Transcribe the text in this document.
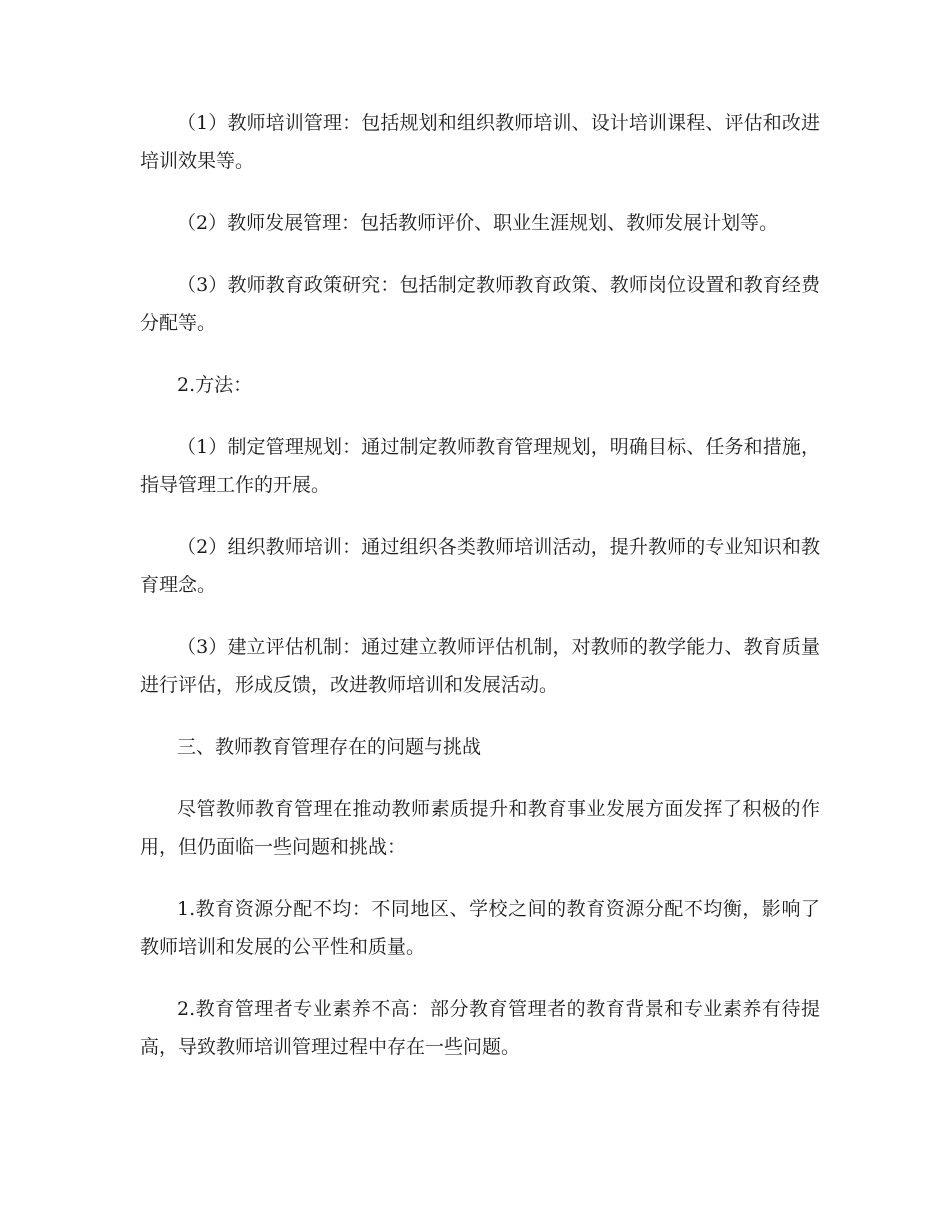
（1）教师培训管理：包括规划和组织教师培训、设计培训课程、评估和改进培训效果等。

（2）教师发展管理：包括教师评价、职业生涯规划、教师发展计划等。

（3）教师教育政策研究：包括制定教师教育政策、教师岗位设置和教育经费分配等。

2.方法：

（1）制定管理规划：通过制定教师教育管理规划，明确目标、任务和措施，指导管理工作的开展。

（2）组织教师培训：通过组织各类教师培训活动，提升教师的专业知识和教育理念。

（3）建立评估机制：通过建立教师评估机制，对教师的教学能力、教育质量进行评估，形成反馈，改进教师培训和发展活动。

三、教师教育管理存在的问题与挑战

尽管教师教育管理在推动教师素质提升和教育事业发展方面发挥了积极的作用，但仍面临一些问题和挑战：

1.教育资源分配不均：不同地区、学校之间的教育资源分配不均衡，影响了教师培训和发展的公平性和质量。

2.教育管理者专业素养不高：部分教育管理者的教育背景和专业素养有待提高，导致教师培训管理过程中存在一些问题。
